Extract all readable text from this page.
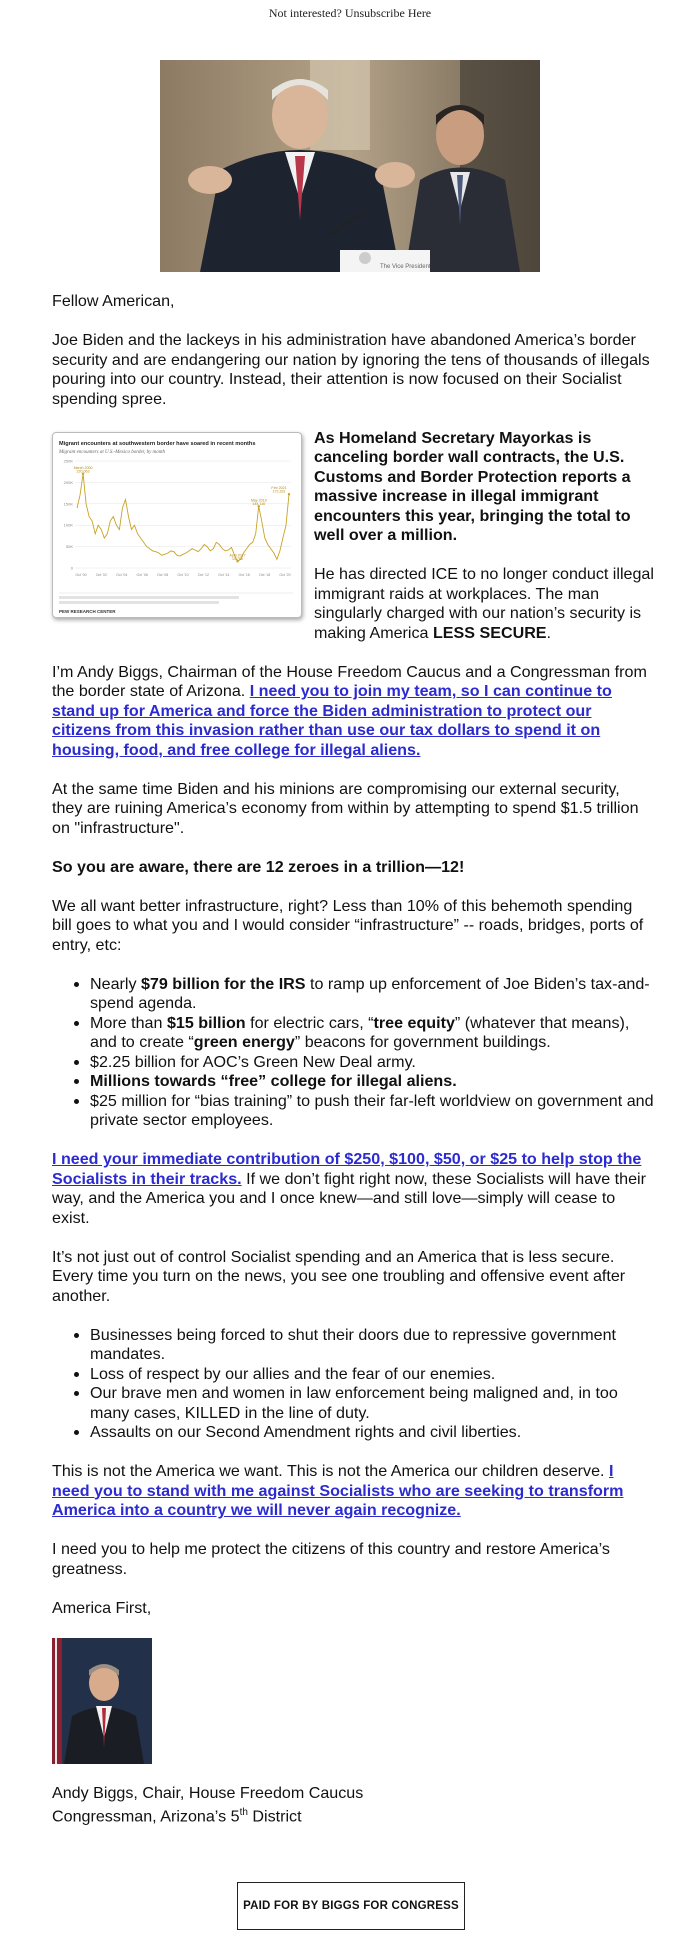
Not interested? Unsubscribe Here
The Vice President

Fellow American,

Joe Biden and the lackeys in his administration have abandoned America’s border security and are endangering our nation by ignoring the tens of thousands of illegals pouring into our country. Instead, their attention is now focused on their Socialist spending spree.

Migrant encounters at southwestern border have soared in recent months
Migrant encounters at U.S.-Mexico border, by month
0
50K
100K
150K
200K
250K
Oct '00	Oct '02	Oct '04	Oct '06	Oct '08	Oct '10	Oct '12	Oct '14	Oct '16	Oct '18	Oct '20
March 2000
220,063
May 2019
144,116
April 2017
15,766
Feb 2021
172,331
PEW RESEARCH CENTER
As Homeland Secretary Mayorkas is canceling border wall contracts, the U.S. Customs and Border Protection reports a massive increase in illegal immigrant encounters this year, bringing the total to well over a million.

He has directed ICE to no longer conduct illegal immigrant raids at workplaces. The man singularly charged with our nation’s security is making America LESS SECURE.

I’m Andy Biggs, Chairman of the House Freedom Caucus and a Congressman from the border state of Arizona. I need you to join my team, so I can continue to stand up for America and force the Biden administration to protect our citizens from this invasion rather than use our tax dollars to spend it on housing, food, and free college for illegal aliens.

At the same time Biden and his minions are compromising our external security, they are ruining America’s economy from within by attempting to spend $1.5 trillion on "infrastructure".

So you are aware, there are 12 zeroes in a trillion—12!

We all want better infrastructure, right? Less than 10% of this behemoth spending bill goes to what you and I would consider “infrastructure” -- roads, bridges, ports of entry, etc:

• Nearly $79 billion for the IRS to ramp up enforcement of Joe Biden’s tax-and-spend agenda.
• More than $15 billion for electric cars, “tree equity” (whatever that means), and to create “green energy” beacons for government buildings.
• $2.25 billion for AOC’s Green New Deal army.
• Millions towards “free” college for illegal aliens.
• $25 million for “bias training” to push their far-left worldview on government and private sector employees.

I need your immediate contribution of $250, $100, $50, or $25 to help stop the Socialists in their tracks. If we don’t fight right now, these Socialists will have their way, and the America you and I once knew—and still love—simply will cease to exist.

It’s not just out of control Socialist spending and an America that is less secure. Every time you turn on the news, you see one troubling and offensive event after another.

• Businesses being forced to shut their doors due to repressive government mandates.
• Loss of respect by our allies and the fear of our enemies.
• Our brave men and women in law enforcement being maligned and, in too many cases, KILLED in the line of duty.
• Assaults on our Second Amendment rights and civil liberties.

This is not the America we want. This is not the America our children deserve. I need you to stand with me against Socialists who are seeking to transform America into a country we will never again recognize.

I need you to help me protect the citizens of this country and restore America’s greatness.

America First,

Andy Biggs, Chair, House Freedom Caucus
Congressman, Arizona’s 5th District
PAID FOR BY BIGGS FOR CONGRESS
